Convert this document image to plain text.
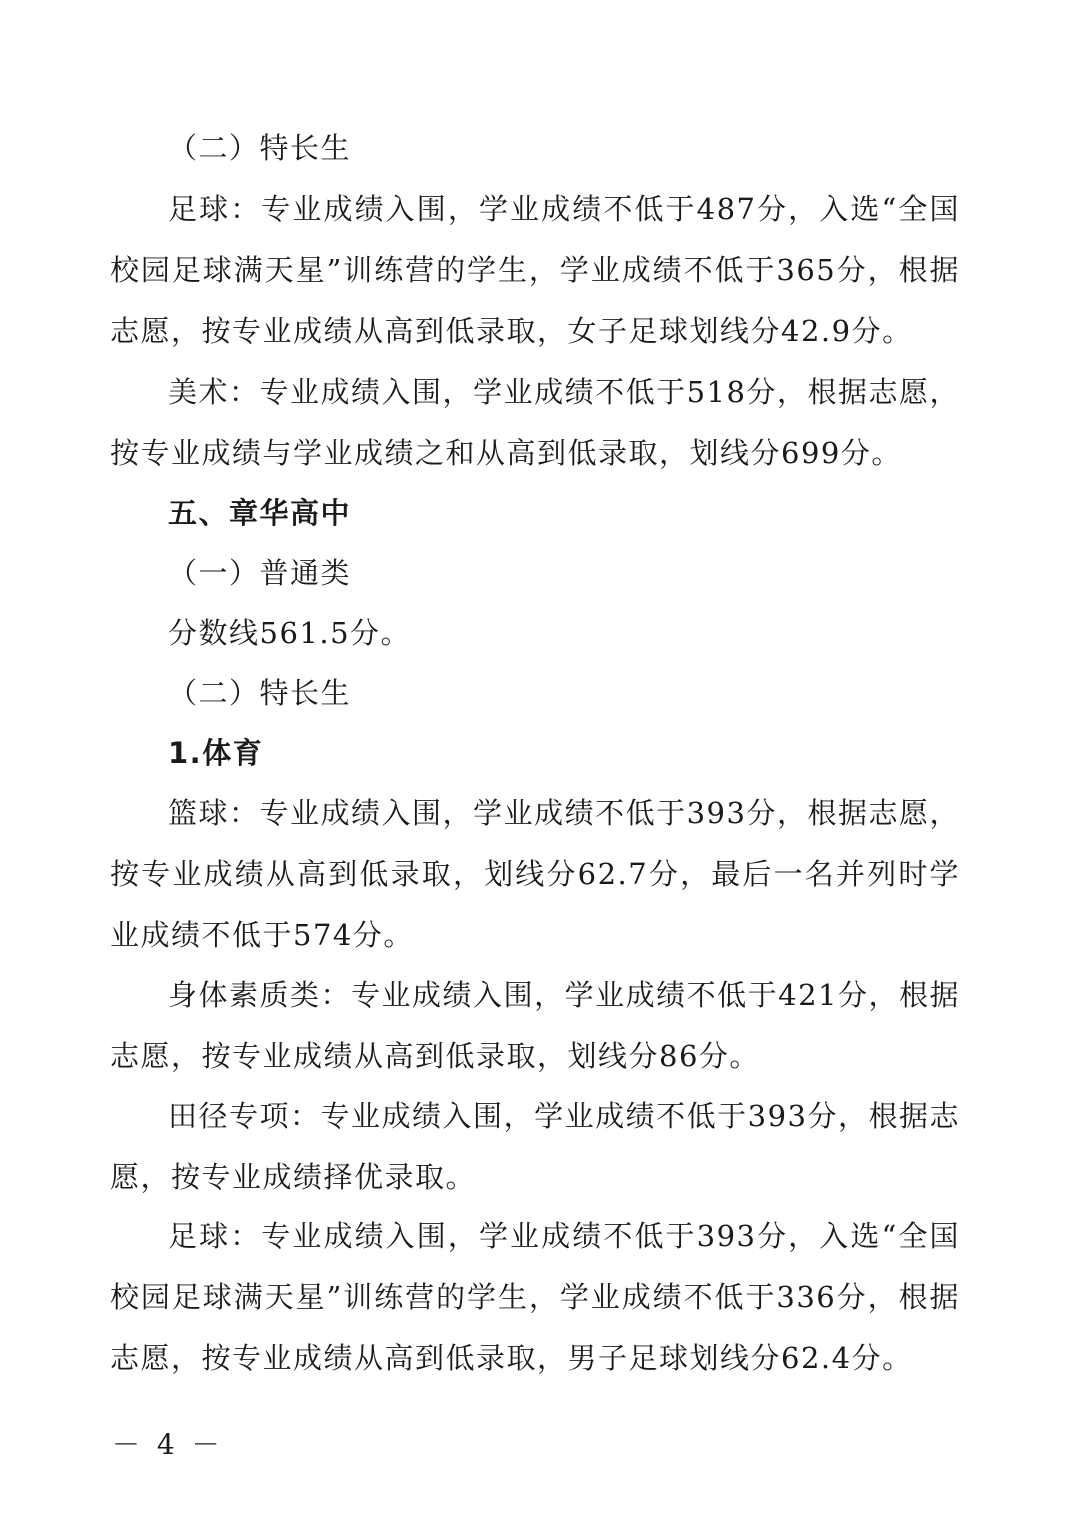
（二）特长生

足球：专业成绩入围，学业成绩不低于487分，入选“全国校园足球满天星”训练营的学生，学业成绩不低于365分，根据志愿，按专业成绩从高到低录取，女子足球划线分42.9分。

美术：专业成绩入围，学业成绩不低于518分，根据志愿，按专业成绩与学业成绩之和从高到低录取，划线分699分。

五、章华高中

（一）普通类

分数线561.5分。

（二）特长生

1.体育

篮球：专业成绩入围，学业成绩不低于393分，根据志愿，按专业成绩从高到低录取，划线分62.7分，最后一名并列时学业成绩不低于574分。

身体素质类：专业成绩入围，学业成绩不低于421分，根据志愿，按专业成绩从高到低录取，划线分86分。

田径专项：专业成绩入围，学业成绩不低于393分，根据志愿，按专业成绩择优录取。

足球：专业成绩入围，学业成绩不低于393分，入选“全国校园足球满天星”训练营的学生，学业成绩不低于336分，根据志愿，按专业成绩从高到低录取，男子足球划线分62.4分。

－ 4 －
